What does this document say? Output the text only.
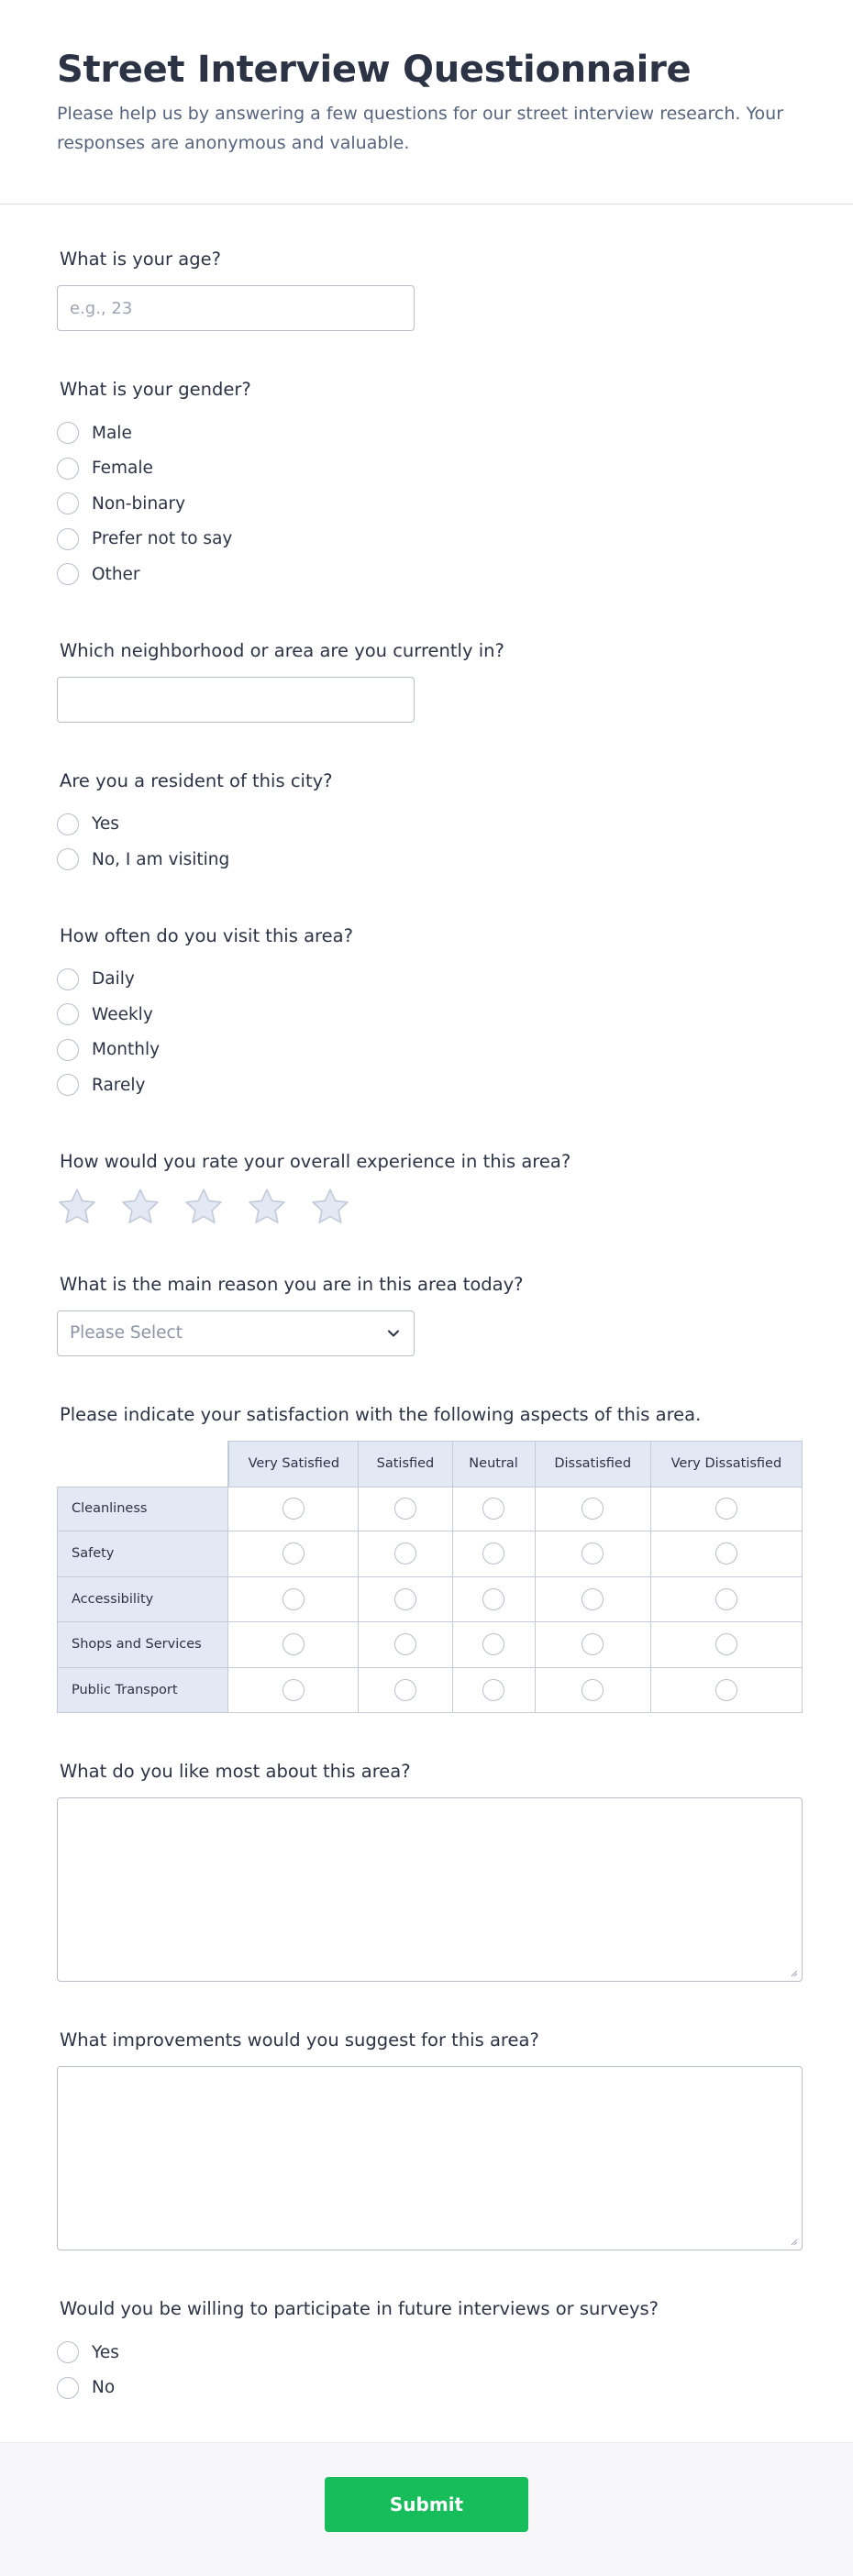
Street Interview Questionnaire

Please help us by answering a few questions for our street interview research. Your responses are anonymous and valuable.

What is your age?
e.g., 23
What is your gender?
Male
Female
Non-binary
Prefer not to say
Other
Which neighborhood or area are you currently in?
Are you a resident of this city?
Yes
No, I am visiting
How often do you visit this area?
Daily
Weekly
Monthly
Rarely
How would you rate your overall experience in this area?
What is the main reason you are in this area today?
Please Select
Please indicate your satisfaction with the following aspects of this area.
	Very Satisfied	Satisfied	Neutral	Dissatisfied	Very Dissatisfied
Cleanliness					
Safety					
Accessibility					
Shops and Services					
Public Transport					
What do you like most about this area?
What improvements would you suggest for this area?
Would you be willing to participate in future interviews or surveys?
Yes
No
Submit
